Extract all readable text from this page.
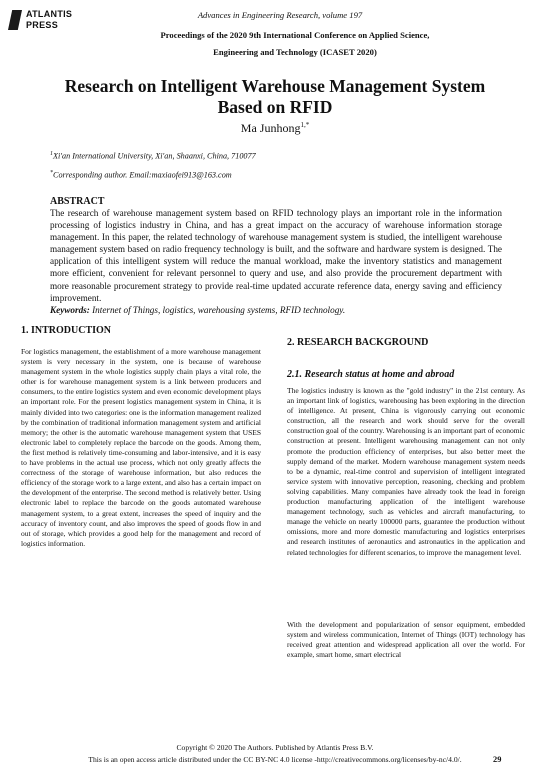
ATLANTIS
PRESS
Advances in Engineering Research, volume 197
Proceedings of the 2020 9th International Conference on Applied Science,
Engineering and Technology (ICASET 2020)
Research on Intelligent Warehouse Management System
Based on RFID
Ma Junhong$^{1,*}$
$^1$Xi'an International University, Xi'an, Shaanxi, China, 710077
*Corresponding author. Email:maxiaofei913@163.com
ABSTRACT
The research of warehouse management system based on RFID technology plays an important role in the information processing of logistics industry in China, and has a great impact on the accuracy of warehouse information storage management. In this paper, the related technology of warehouse management system is studied, the intelligent warehouse management system based on radio frequency technology is built, and the software and hardware system is designed. The application of this intelligent system will reduce the manual workload, make the inventory statistics and management more efficient, convenient for relevant personnel to query and use, and also provide the procurement department with more reasonable procurement strategy to provide real-time updated accurate reference data, energy saving and efficiency improvement.
Keywords: Internet of Things, logistics, warehousing systems, RFID technology.
1. INTRODUCTION
For logistics management, the establishment of a more warehouse management system is very necessary in the system, one is because of warehouse management system in the whole logistics supply chain plays a vital role, the other is for warehouse management system is a link between producers and consumers, to the entire logistics system and even economic development plays an important role. For the present logistics management system in China, it is mainly divided into two categories: one is the information management realized by the combination of traditional information management system and artificial memory; the other is the automatic warehouse management system that USES electronic label to completely replace the barcode on the goods. Among them, the first method is relatively time-consuming and labor-intensive, and it is easy to have problems in the actual use process, which not only greatly affects the correctness of the storage of warehouse information, but also reduces the efficiency of the storage work to a large extent, and also has a certain impact on the development of the enterprise. The second method is relatively better. Using electronic label to replace the barcode on the goods automated warehouse management system, to a great extent, increases the speed of inquiry and the accuracy of inventory count, and also improves the speed of goods flow in and out of storage, which provides a good help for the management and record of logistics information.
2. RESEARCH BACKGROUND
2.1. Research status at home and abroad
The logistics industry is known as the "gold industry" in the 21st century. As an important link of logistics, warehousing has been exploring in the direction of intelligence. At present, China is vigorously carrying out economic construction, all the research and work should serve for the overall construction goal of the country. Warehousing is an important part of economic construction at present. Intelligent warehousing management can not only promote the production efficiency of enterprises, but also better meet the supply demand of the market. Modern warehouse management system needs to be a dynamic, real-time control and supervision of intelligent integrated service system with innovative perception, reasoning, checking and problem solving capabilities. Many companies have already took the lead in foreign production manufacturing application of the intelligent warehouse management technology, such as vehicles and aircraft manufacturing, to manage the vehicle on nearly 100000 parts, guarantee the production without omissions, more and more domestic manufacturing and logistics enterprises and research institutes of aeronautics and astronautics in the application and related technologies for different scenarios, to improve the management level.
With the development and popularization of sensor equipment, embedded system and wireless communication, Internet of Things (IOT) technology has received great attention and widespread application all over the world. For example, smart home, smart electrical
Copyright © 2020 The Authors. Published by Atlantis Press B.V.
This is an open access article distributed under the CC BY-NC 4.0 license -http://creativecommons.org/licenses/by-nc/4.0/.	29
